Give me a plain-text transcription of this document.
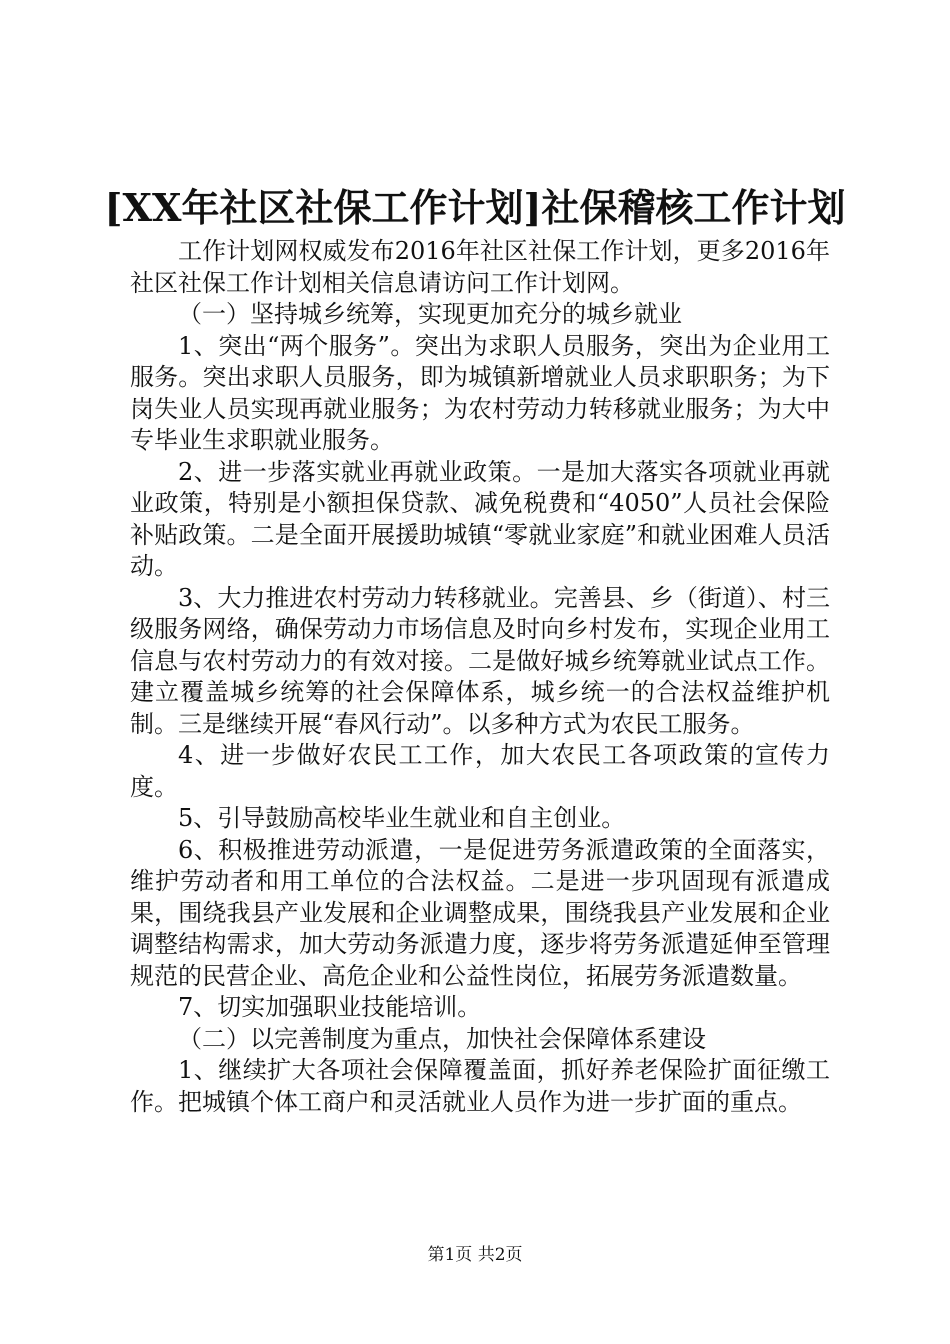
[XX年社区社保工作计划]社保稽核工作计划

工作计划网权威发布2016年社区社保工作计划，更多2016年社区社保工作计划相关信息请访问工作计划网。

（一）坚持城乡统筹，实现更加充分的城乡就业

1、突出“两个服务”。突出为求职人员服务，突出为企业用工服务。突出求职人员服务，即为城镇新增就业人员求职职务；为下岗失业人员实现再就业服务；为农村劳动力转移就业服务；为大中专毕业生求职就业服务。

2、进一步落实就业再就业政策。一是加大落实各项就业再就业政策，特别是小额担保贷款、减免税费和“4050”人员社会保险补贴政策。二是全面开展援助城镇“零就业家庭”和就业困难人员活动。

3、大力推进农村劳动力转移就业。完善县、乡（街道）、村三级服务网络，确保劳动力市场信息及时向乡村发布，实现企业用工信息与农村劳动力的有效对接。二是做好城乡统筹就业试点工作。建立覆盖城乡统筹的社会保障体系，城乡统一的合法权益维护机制。三是继续开展“春风行动”。以多种方式为农民工服务。

4、进一步做好农民工工作，加大农民工各项政策的宣传力度。

5、引导鼓励高校毕业生就业和自主创业。

6、积极推进劳动派遣，一是促进劳务派遣政策的全面落实，维护劳动者和用工单位的合法权益。二是进一步巩固现有派遣成果，围绕我县产业发展和企业调整成果，围绕我县产业发展和企业调整结构需求，加大劳动务派遣力度，逐步将劳务派遣延伸至管理规范的民营企业、高危企业和公益性岗位，拓展劳务派遣数量。

7、切实加强职业技能培训。

（二）以完善制度为重点，加快社会保障体系建设

1、继续扩大各项社会保障覆盖面，抓好养老保险扩面征缴工作。把城镇个体工商户和灵活就业人员作为进一步扩面的重点。

第1页 共2页
